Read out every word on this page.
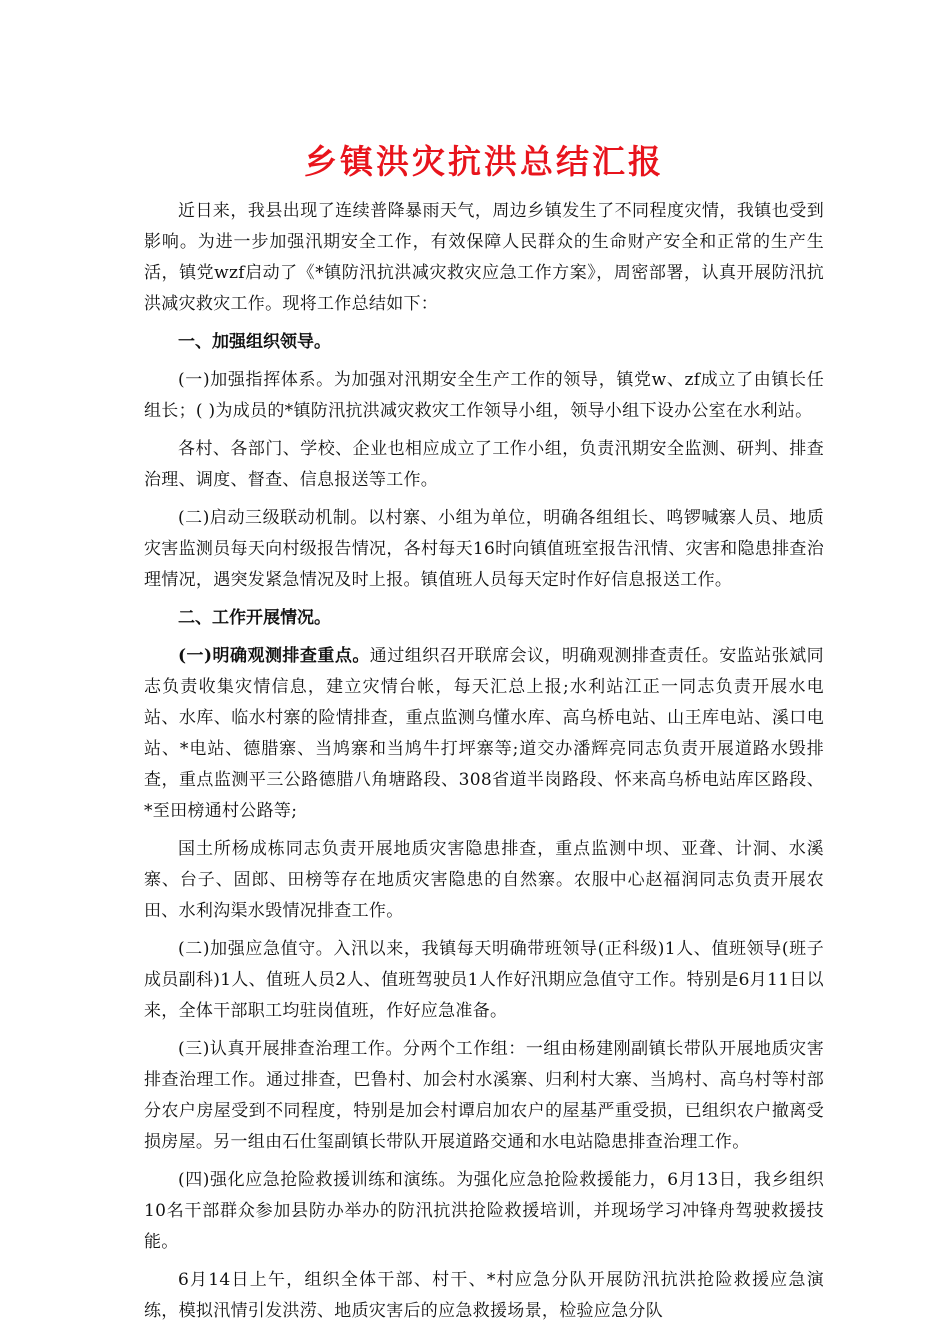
乡镇洪灾抗洪总结汇报

近日来，我县出现了连续普降暴雨天气，周边乡镇发生了不同程度灾情，我镇也受到影响。为进一步加强汛期安全工作，有效保障人民群众的生命财产安全和正常的生产生活，镇党wzf启动了《*镇防汛抗洪减灾救灾应急工作方案》，周密部署，认真开展防汛抗洪减灾救灾工作。现将工作总结如下：

一、加强组织领导。

(一)加强指挥体系。为加强对汛期安全生产工作的领导，镇党w、zf成立了由镇长任组长；( )为成员的*镇防汛抗洪减灾救灾工作领导小组，领导小组下设办公室在水利站。

各村、各部门、学校、企业也相应成立了工作小组，负责汛期安全监测、研判、排查治理、调度、督查、信息报送等工作。

(二)启动三级联动机制。以村寨、小组为单位，明确各组组长、鸣锣喊寨人员、地质灾害监测员每天向村级报告情况，各村每天16时向镇值班室报告汛情、灾害和隐患排查治理情况，遇突发紧急情况及时上报。镇值班人员每天定时作好信息报送工作。

二、工作开展情况。

(一)明确观测排查重点。通过组织召开联席会议，明确观测排查责任。安监站张斌同志负责收集灾情信息，建立灾情台帐，每天汇总上报;水利站江正一同志负责开展水电站、水库、临水村寨的险情排查，重点监测乌懂水库、高乌桥电站、山王库电站、溪口电站、*电站、德腊寨、当鸠寨和当鸠牛打坪寨等;道交办潘辉亮同志负责开展道路水毁排查，重点监测平三公路德腊八角塘路段、308省道半岗路段、怀来高乌桥电站库区路段、*至田榜通村公路等;

国土所杨成栋同志负责开展地质灾害隐患排查，重点监测中坝、亚聋、计洞、水溪寨、台子、固郎、田榜等存在地质灾害隐患的自然寨。农服中心赵福润同志负责开展农田、水利沟渠水毁情况排查工作。

(二)加强应急值守。入汛以来，我镇每天明确带班领导(正科级)1人、值班领导(班子成员副科)1人、值班人员2人、值班驾驶员1人作好汛期应急值守工作。特别是6月11日以来，全体干部职工均驻岗值班，作好应急准备。

(三)认真开展排查治理工作。分两个工作组：一组由杨建刚副镇长带队开展地质灾害排查治理工作。通过排查，巴鲁村、加会村水溪寨、归利村大寨、当鸠村、高乌村等村部分农户房屋受到不同程度，特别是加会村谭启加农户的屋基严重受损，已组织农户撤离受损房屋。另一组由石仕玺副镇长带队开展道路交通和水电站隐患排查治理工作。

(四)强化应急抢险救援训练和演练。为强化应急抢险救援能力，6月13日，我乡组织10名干部群众参加县防办举办的防汛抗洪抢险救援培训，并现场学习冲锋舟驾驶救援技能。

6月14日上午，组织全体干部、村干、*村应急分队开展防汛抗洪抢险救援应急演练，模拟汛情引发洪涝、地质灾害后的应急救援场景，检验应急分队
